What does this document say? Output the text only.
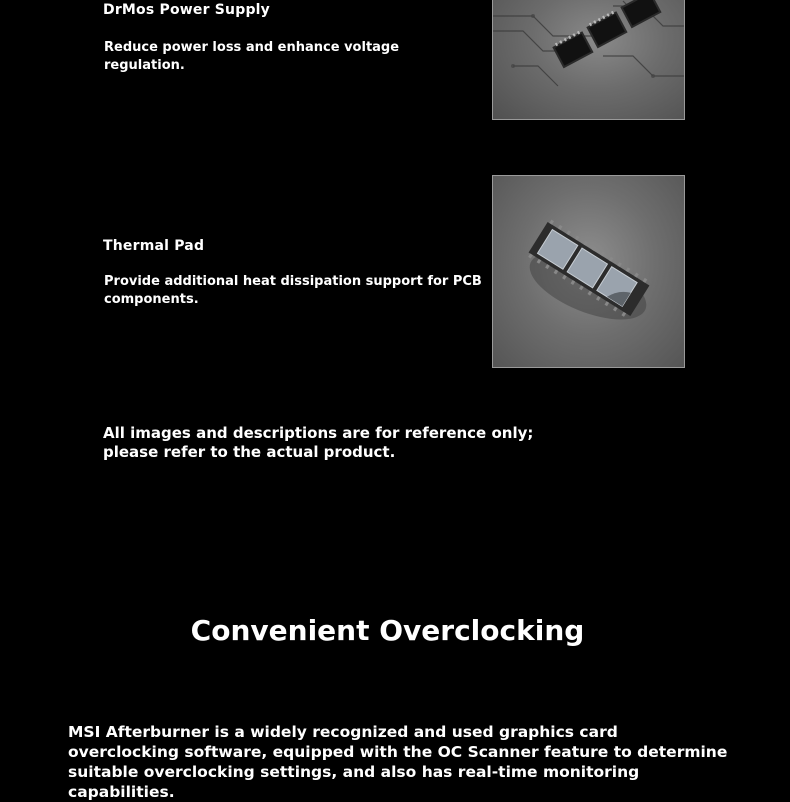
DrMos Power Supply

Reduce power loss and enhance voltage regulation.

Thermal Pad

Provide additional heat dissipation support for PCB components.

All images and descriptions are for reference only; please refer to the actual product.

Convenient Overclocking

MSI Afterburner is a widely recognized and used graphics card overclocking software, equipped with the OC Scanner feature to determine suitable overclocking settings, and also has real-time monitoring capabilities.
